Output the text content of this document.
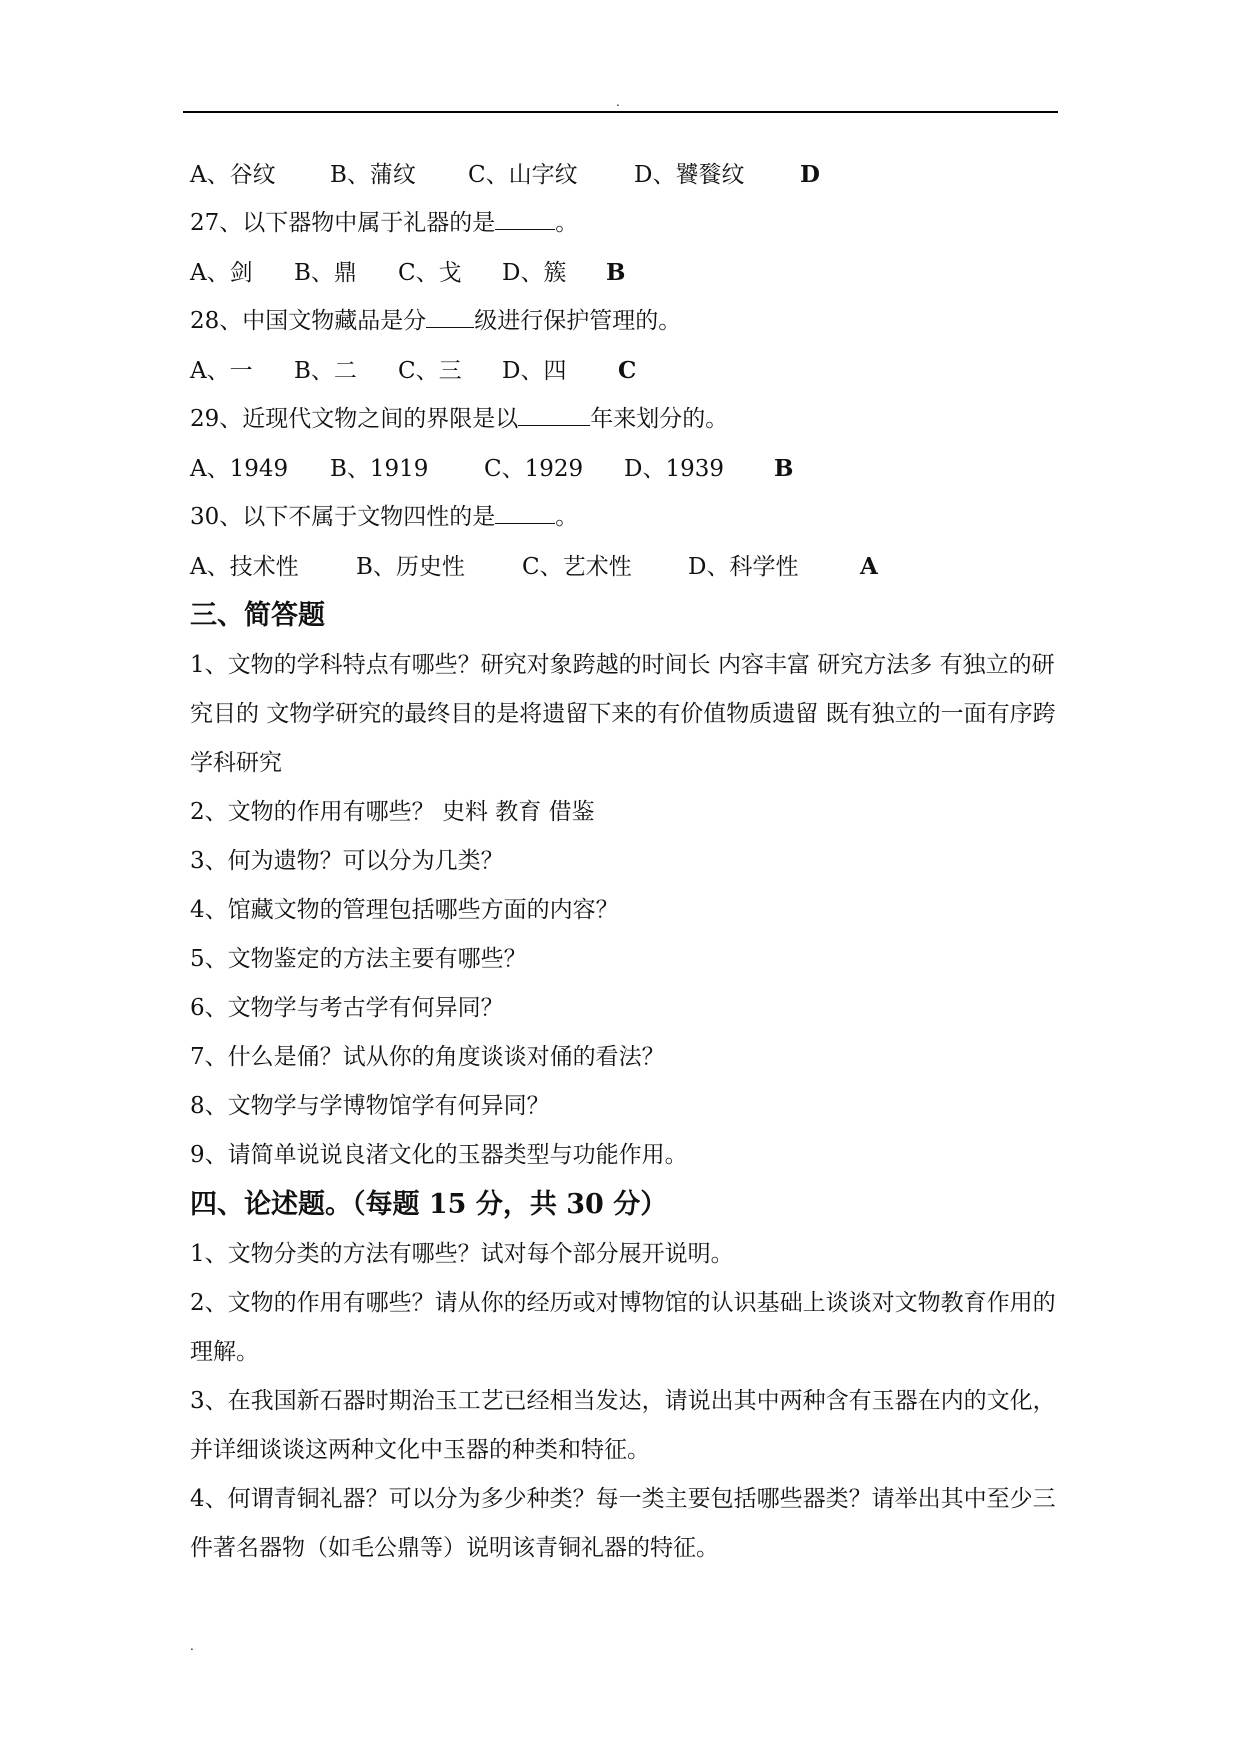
.
A、谷纹 B、蒲纹 C、山字纹 D、饕餮纹 D
27、以下器物中属于礼器的是	。
A、剑 B、鼎 C、戈 D、簇 B
28、中国文物藏品是分 级进行保护管理的。
A、一 B、二 C、三 D、四 C
29、近现代文物之间的界限是以	年来划分的。
A、1949 B、1919 C、1929 D、1939 B
30、以下不属于文物四性的是	。
A、技术性 B、历史性 C、艺术性 D、科学性	A
三、简答题
1、文物的学科特点有哪些？研究对象跨越的时间长 内容丰富 研究方法多 有独立的研究目的 文物学研究的最终目的是将遗留下来的有价值物质遗留 既有独立的一面有序跨学科研究
2、文物的作用有哪些？ 史料 教育 借鉴
3、何为遗物？可以分为几类？
4、馆藏文物的管理包括哪些方面的内容？
5、文物鉴定的方法主要有哪些？
6、文物学与考古学有何异同？
7、什么是俑？试从你的角度谈谈对俑的看法？
8、文物学与学博物馆学有何异同？
9、请简单说说良渚文化的玉器类型与功能作用。
四、论述题。（每题 15 分，共 30 分）
1、文物分类的方法有哪些？试对每个部分展开说明。
2、文物的作用有哪些？请从你的经历或对博物馆的认识基础上谈谈对文物教育作用的理解。
3、在我国新石器时期治玉工艺已经相当发达，请说出其中两种含有玉器在内的文化，并详细谈谈这两种文化中玉器的种类和特征。
4、何谓青铜礼器？可以分为多少种类？每一类主要包括哪些器类？请举出其中至少三件著名器物（如毛公鼎等）说明该青铜礼器的特征。
.
